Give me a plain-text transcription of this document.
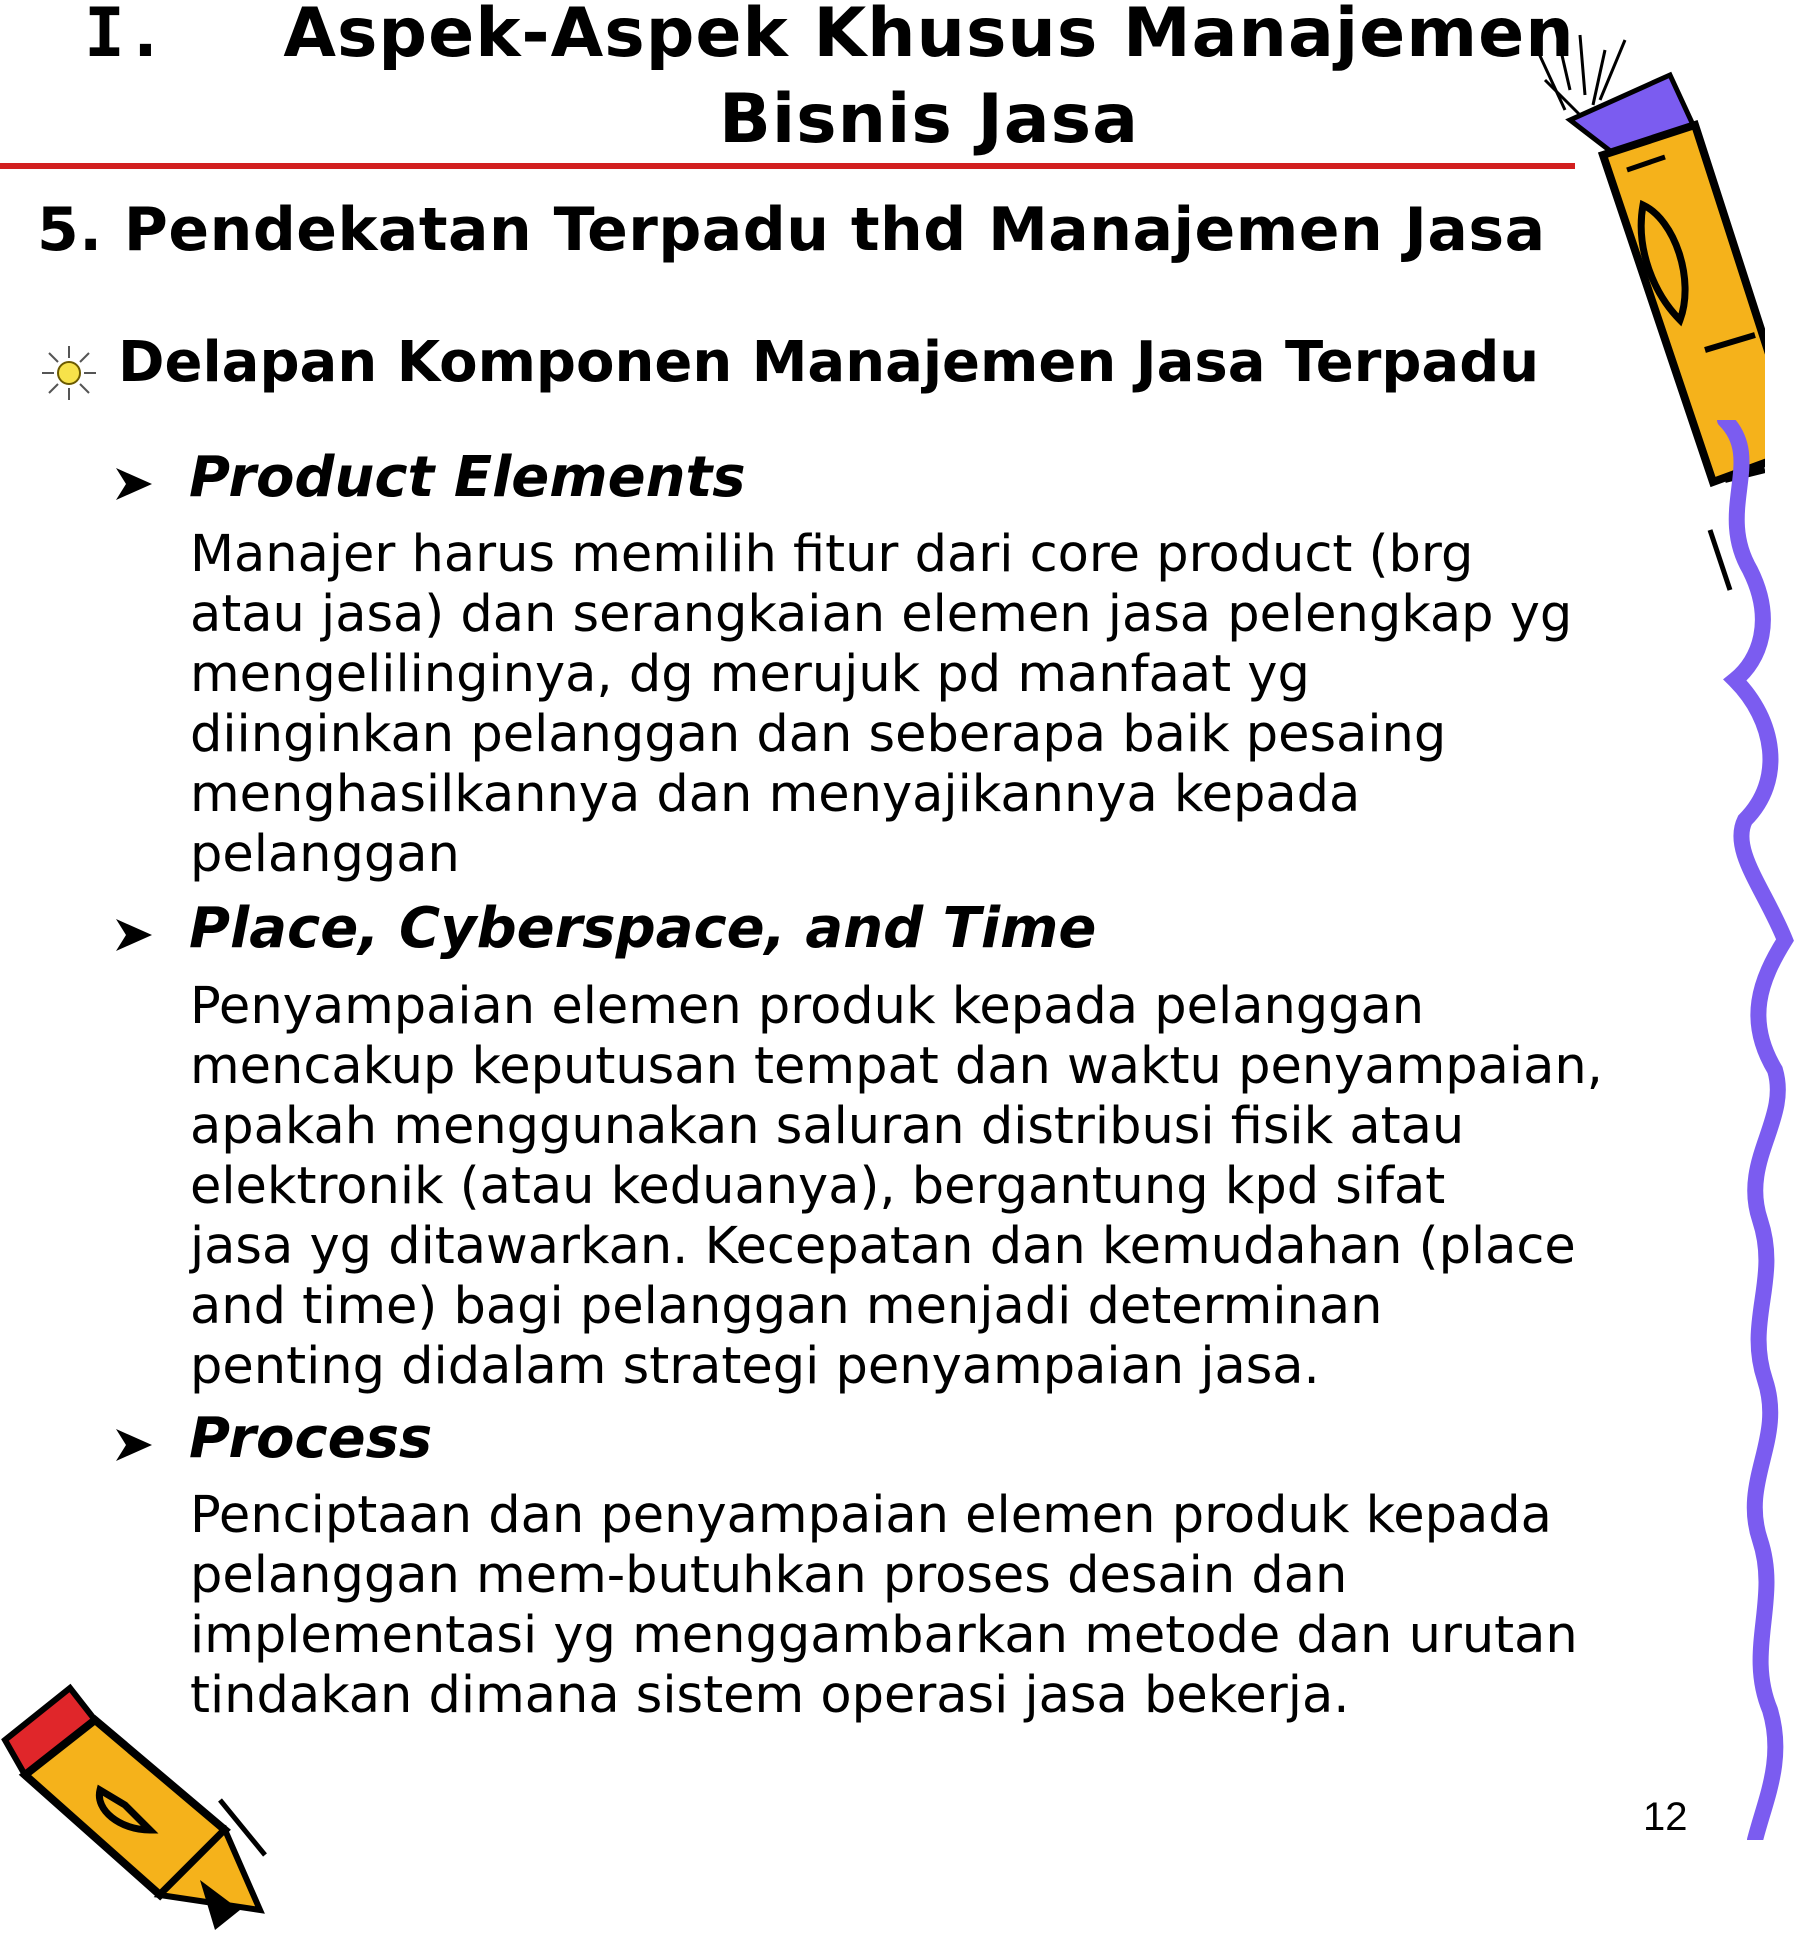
I.	Aspek-Aspek Khusus Manajemen
Bisnis Jasa
5. Pendekatan Terpadu thd Manajemen Jasa
Delapan Komponen Manajemen Jasa Terpadu
Product Elements
Manajer harus memilih fitur dari core product (brg
atau jasa) dan serangkaian elemen jasa pelengkap yg
mengelilinginya, dg merujuk pd manfaat yg
diinginkan pelanggan dan seberapa baik pesaing
menghasilkannya dan menyajikannya kepada
pelanggan
Place, Cyberspace, and Time
Penyampaian elemen produk kepada pelanggan
mencakup keputusan tempat dan waktu penyampaian,
apakah menggunakan saluran distribusi fisik atau
elektronik (atau keduanya), bergantung kpd sifat
jasa yg ditawarkan. Kecepatan dan kemudahan (place
and time) bagi pelanggan menjadi determinan
penting didalam strategi penyampaian jasa.
Process
Penciptaan dan penyampaian elemen produk kepada
pelanggan mem-butuhkan proses desain dan
implementasi yg menggambarkan metode dan urutan
tindakan dimana sistem operasi jasa bekerja.
12
